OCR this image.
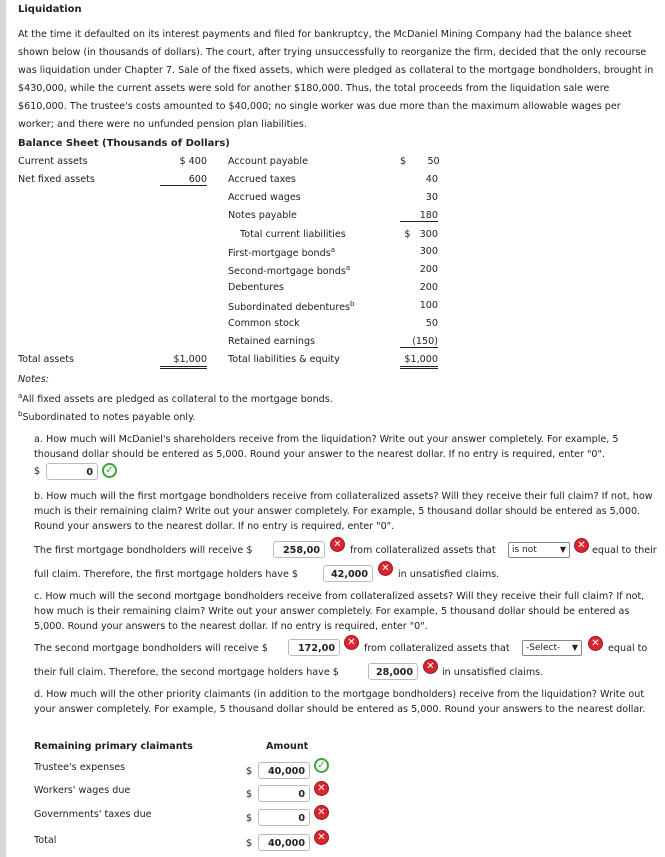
Liquidation
At the time it defaulted on its interest payments and filed for bankruptcy, the McDaniel Mining Company had the balance sheet shown below (in thousands of dollars). The court, after trying unsuccessfully to reorganize the firm, decided that the only recourse was liquidation under Chapter 7. Sale of the fixed assets, which were pledged as collateral to the mortgage bondholders, brought in $430,000, while the current assets were sold for another $180,000. Thus, the total proceeds from the liquidation sale were $610,000. The trustee's costs amounted to $40,000; no single worker was due more than the maximum allowable wages per worker; and there were no unfunded pension plan liabilities.
Balance Sheet (Thousands of Dollars)
Current assets	$ 400
Net fixed assets	600
Account payable	$       50
Accrued taxes	40
Accrued wages	30
Notes payable	180
Total current liabilities	$   300
First-mortgage bonds$^a$	300
Second-mortgage bonds$^a$	200
Debentures	200
Subordinated debentures$^b$	100
Common stock	50
Retained earnings	(150)
Total assets	$1,000 Total liabilities & equity	$1,000
Notes:
$^a$All fixed assets are pledged as collateral to the mortgage bonds.
$^b$Subordinated to notes payable only.
a. How much will McDaniel's shareholders receive from the liquidation? Write out your answer completely. For example, 5 thousand dollar should be entered as 5,000. Round your answer to the nearest dollar. If no entry is required, enter "0".
$	0	✓
b. How much will the first mortgage bondholders receive from collateralized assets? Will they receive their full claim? If not, how much is their remaining claim? Write out your answer completely. For example, 5 thousand dollar should be entered as 5,000. Round your answers to the nearest dollar. If no entry is required, enter "0".
The first mortgage bondholders will receive $	258,00
✕
from collateralized assets that	is not	▼	✕ equal to their
full claim. Therefore, the first mortgage holders have $	42,000
✕
in unsatisfied claims.
c. How much will the second mortgage bondholders receive from collateralized assets? Will they receive their full claim? If not, how much is their remaining claim? Write out your answer completely. For example, 5 thousand dollar should be entered as 5,000. Round your answers to the nearest dollar. If no entry is required, enter "0".
The second mortgage bondholders will receive $	172,00
✕
from collateralized assets that	-Select- ▼	✕ equal to
their full claim. Therefore, the second mortgage holders have $	28,000
✕
in unsatisfied claims.
d. How much will the other priority claimants (in addition to the mortgage bondholders) receive from the liquidation? Write out your answer completely. For example, 5 thousand dollar should be entered as 5,000. Round your answers to the nearest dollar.
Remaining primary claimants	Amount
Trustee's expenses	$	40,000
✓
Workers' wages due	$	0
✕
Governments' taxes due	$	0
✕
Total	$	40,000
✕
